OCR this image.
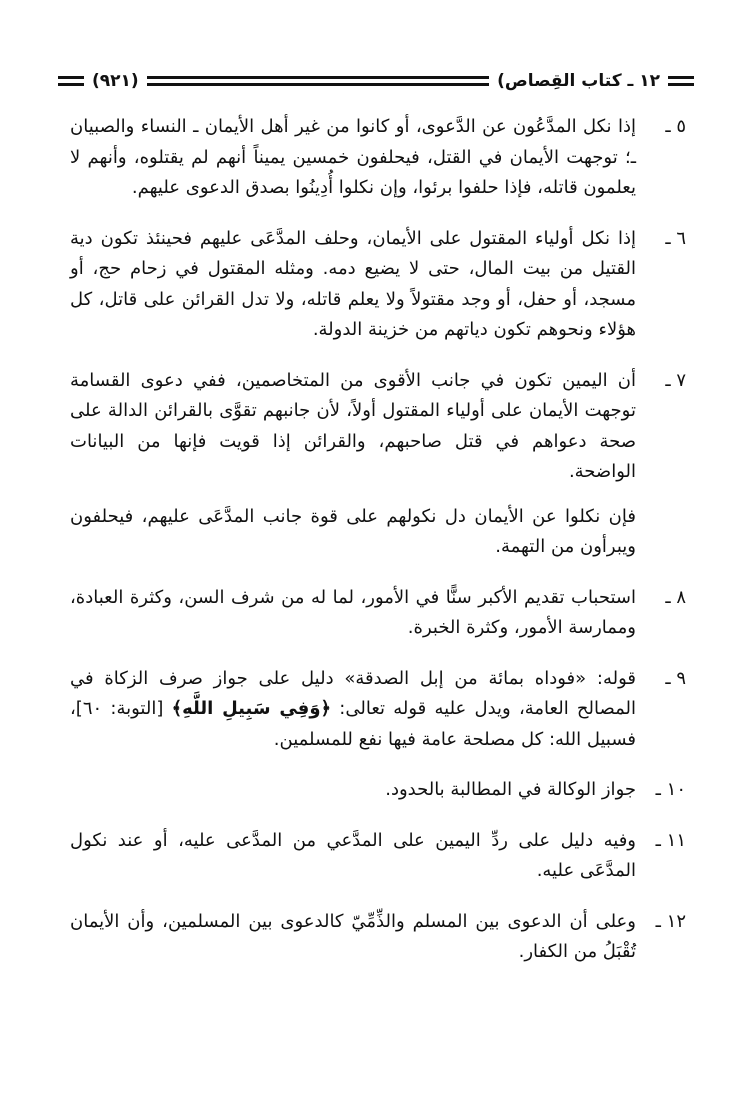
١٢ ـ كتاب القِصاص)
(٩٢١)
٥ ـ
إذا نكل المدَّعُون عن الدَّعوى، أو كانوا من غير أهل الأيمان ـ النساء والصبيان ـ؛ توجهت الأيمان في القتل، فيحلفون خمسين يميناً أنهم لم يقتلوه، وأنهم لا يعلمون قاتله، فإذا حلفوا برئوا، وإن نكلوا أُدِينُوا بصدق الدعوى عليهم.
٦ ـ
إذا نكل أولياء المقتول على الأيمان، وحلف المدَّعَى عليهم فحينئذ تكون دية القتيل من بيت المال، حتى لا يضيع دمه. ومثله المقتول في زحام حج، أو مسجد، أو حفل، أو وجد مقتولاً ولا يعلم قاتله، ولا تدل القرائن على قاتل، كل هؤلاء ونحوهم تكون دياتهم من خزينة الدولة.
٧ ـ
أن اليمين تكون في جانب الأقوى من المتخاصمين، ففي دعوى القسامة توجهت الأيمان على أولياء المقتول أولاً، لأن جانبهم تقوَّى بالقرائن الدالة على صحة دعواهم في قتل صاحبهم، والقرائن إذا قويت فإنها من البيانات الواضحة.
فإن نكلوا عن الأيمان دل نكولهم على قوة جانب المدَّعَى عليهم، فيحلفون ويبرأون من التهمة.
٨ ـ
استحباب تقديم الأكبر سنًّا في الأمور، لما له من شرف السن، وكثرة العبادة، وممارسة الأمور، وكثرة الخبرة.
٩ ـ
قوله: «فوداه بمائة من إبل الصدقة» دليل على جواز صرف الزكاة في المصالح العامة، ويدل عليه قوله تعالى: ﴿وَفِي سَبِيلِ اللَّهِ﴾ [التوبة: ٦٠]، فسبيل الله: كل مصلحة عامة فيها نفع للمسلمين.
١٠ ـ
جواز الوكالة في المطالبة بالحدود.
١١ ـ
وفيه دليل على ردِّ اليمين على المدَّعي من المدَّعى عليه، أو عند نكول المدَّعَى عليه.
١٢ ـ
وعلى أن الدعوى بين المسلم والذِّمِّيّ كالدعوى بين المسلمين، وأن الأيمان تُقْبَلُ من الكفار.
